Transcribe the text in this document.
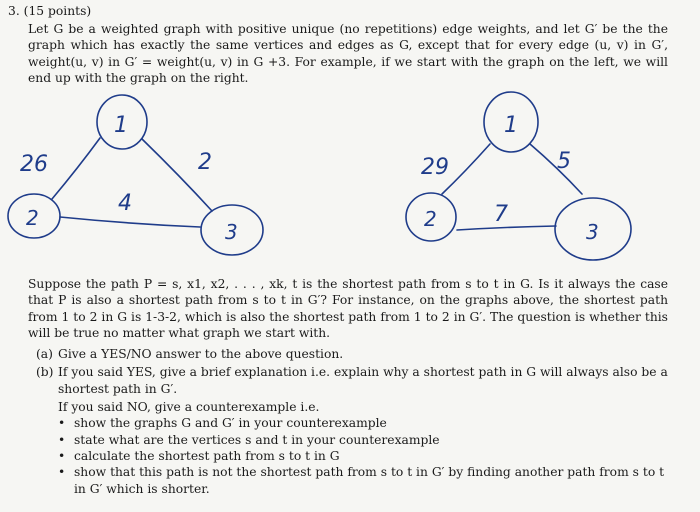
3. (15 points)

Let G be a weighted graph with positive unique (no repetitions) edge weights, and let G′ be the the graph which has exactly the same vertices and edges as G, except that for every edge (u, v) in G′, weight(u, v) in G′ = weight(u, v) in G +3. For example, if we start with the graph on the left, we will end up with the graph on the right.

1
2
3
26	2
4
1
2
3
29	5
7

Suppose the path P = s, x1, x2, . . . , xk, t is the shortest path from s to t in G. Is it always the case that P is also a shortest path from s to t in G′? For instance, on the graphs above, the shortest path from 1 to 2 in G is 1-3-2, which is also the shortest path from 1 to 2 in G′. The question is whether this will be true no matter what graph we start with.

(a) Give a YES/NO answer to the above question.
(b) If you said YES, give a brief explanation i.e. explain why a shortest path in G will always also be a shortest path in G′.
If you said NO, give a counterexample i.e.
• show the graphs G and G′ in your counterexample
• state what are the vertices s and t in your counterexample
• calculate the shortest path from s to t in G
• show that this path is not the shortest path from s to t in G′ by finding another path from s to t in G′ which is shorter.
